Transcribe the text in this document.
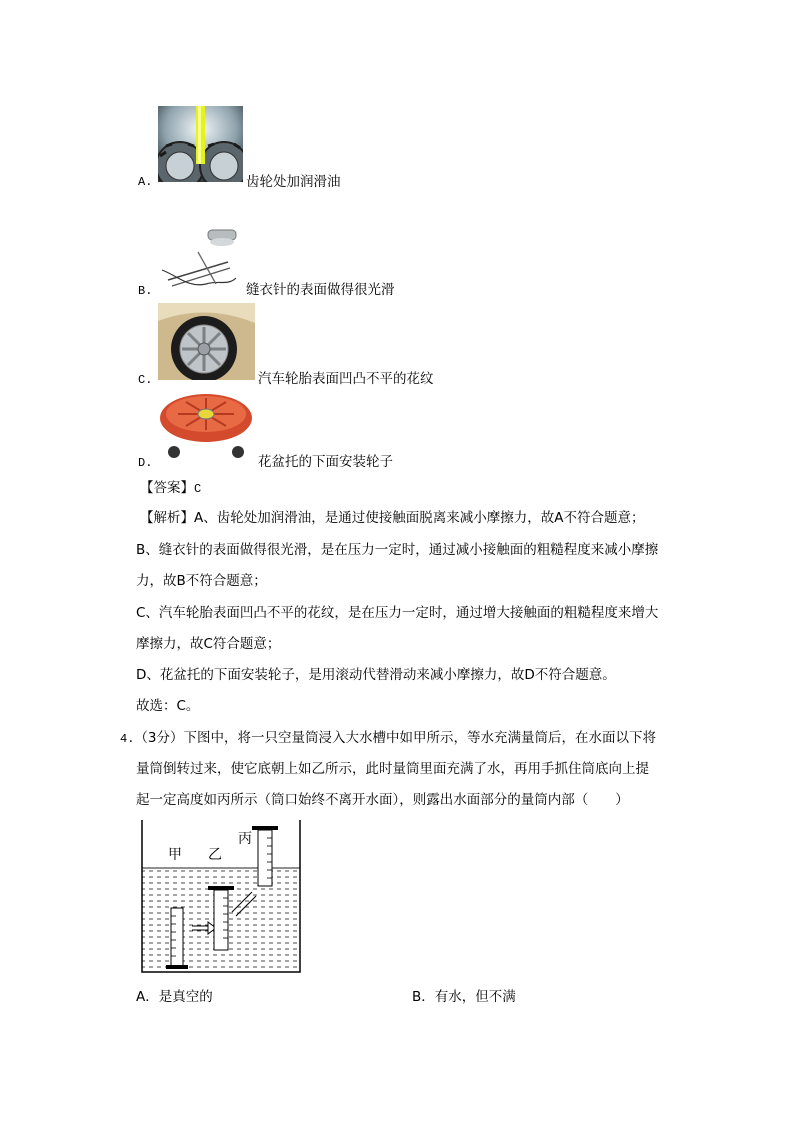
A.	齿轮处加润滑油
B.	缝衣针的表面做得很光滑
C.	汽车轮胎表面凹凸不平的花纹
D.	花盆托的下面安装轮子
【答案】C
【解析】A、齿轮处加润滑油，是通过使接触面脱离来减小摩擦力，故A不符合题意；
B、缝衣针的表面做得很光滑，是在压力一定时，通过减小接触面的粗糙程度来减小摩擦
力，故B不符合题意；
C、汽车轮胎表面凹凸不平的花纹，是在压力一定时，通过增大接触面的粗糙程度来增大
摩擦力，故C符合题意；
D、花盆托的下面安装轮子，是用滚动代替滑动来减小摩擦力，故D不符合题意。
故选：C。
4.（3分）下图中，将一只空量筒浸入大水槽中如甲所示，等水充满量筒后，在水面以下将
量筒倒转过来，使它底朝上如乙所示，此时量筒里面充满了水，再用手抓住筒底向上提
起一定高度如丙所示（筒口始终不离开水面），则露出水面部分的量筒内部（　　）
甲 乙
丙
A．是真空的	B．有水，但不满
